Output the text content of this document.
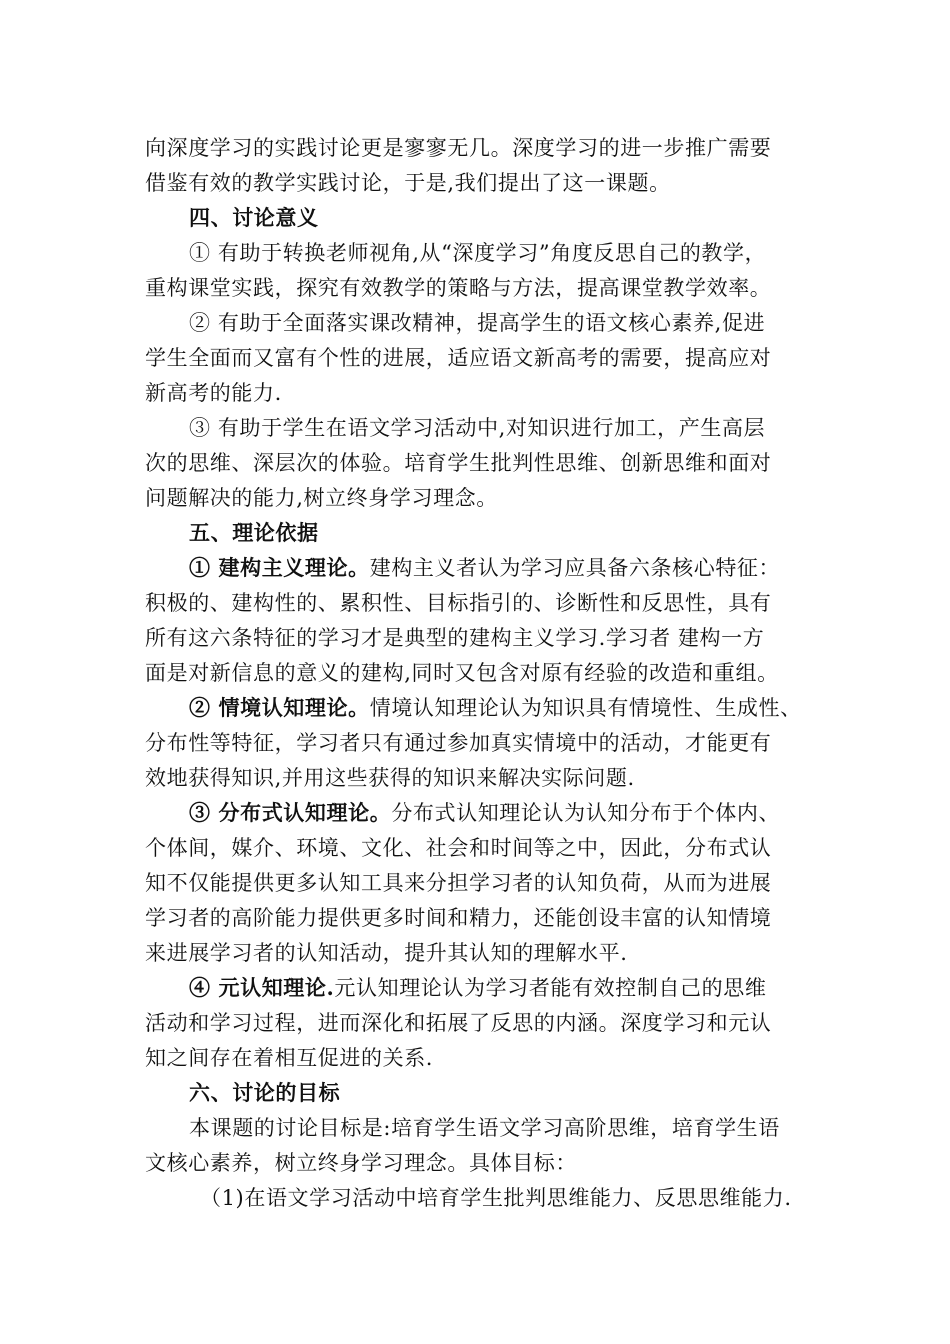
向深度学习的实践讨论更是寥寥无几。深度学习的进一步推广需要
借鉴有效的教学实践讨论，于是,我们提出了这一课题。
四、讨论意义
① 有助于转换老师视角,从“深度学习”角度反思自己的教学，
重构课堂实践，探究有效教学的策略与方法，提高课堂教学效率。
② 有助于全面落实课改精神，提高学生的语文核心素养,促进
学生全面而又富有个性的进展，适应语文新高考的需要，提高应对
新高考的能力.
③ 有助于学生在语文学习活动中,对知识进行加工，产生高层
次的思维、深层次的体验。培育学生批判性思维、创新思维和面对
问题解决的能力,树立终身学习理念。
五、理论依据
① 建构主义理论。建构主义者认为学习应具备六条核心特征：
积极的、建构性的、累积性、目标指引的、诊断性和反思性，具有
所有这六条特征的学习才是典型的建构主义学习.学习者 建构一方
面是对新信息的意义的建构,同时又包含对原有经验的改造和重组。
② 情境认知理论。情境认知理论认为知识具有情境性、生成性、
分布性等特征，学习者只有通过参加真实情境中的活动，才能更有
效地获得知识,并用这些获得的知识来解决实际问题.
③ 分布式认知理论。分布式认知理论认为认知分布于个体内、
个体间，媒介、环境、文化、社会和时间等之中，因此，分布式认
知不仅能提供更多认知工具来分担学习者的认知负荷，从而为进展
学习者的高阶能力提供更多时间和精力，还能创设丰富的认知情境
来进展学习者的认知活动，提升其认知的理解水平.
④ 元认知理论.元认知理论认为学习者能有效控制自己的思维
活动和学习过程，进而深化和拓展了反思的内涵。深度学习和元认
知之间存在着相互促进的关系.
六、讨论的目标
本课题的讨论目标是:培育学生语文学习高阶思维，培育学生语
文核心素养，树立终身学习理念。具体目标：
（1)在语文学习活动中培育学生批判思维能力、反思思维能力.
